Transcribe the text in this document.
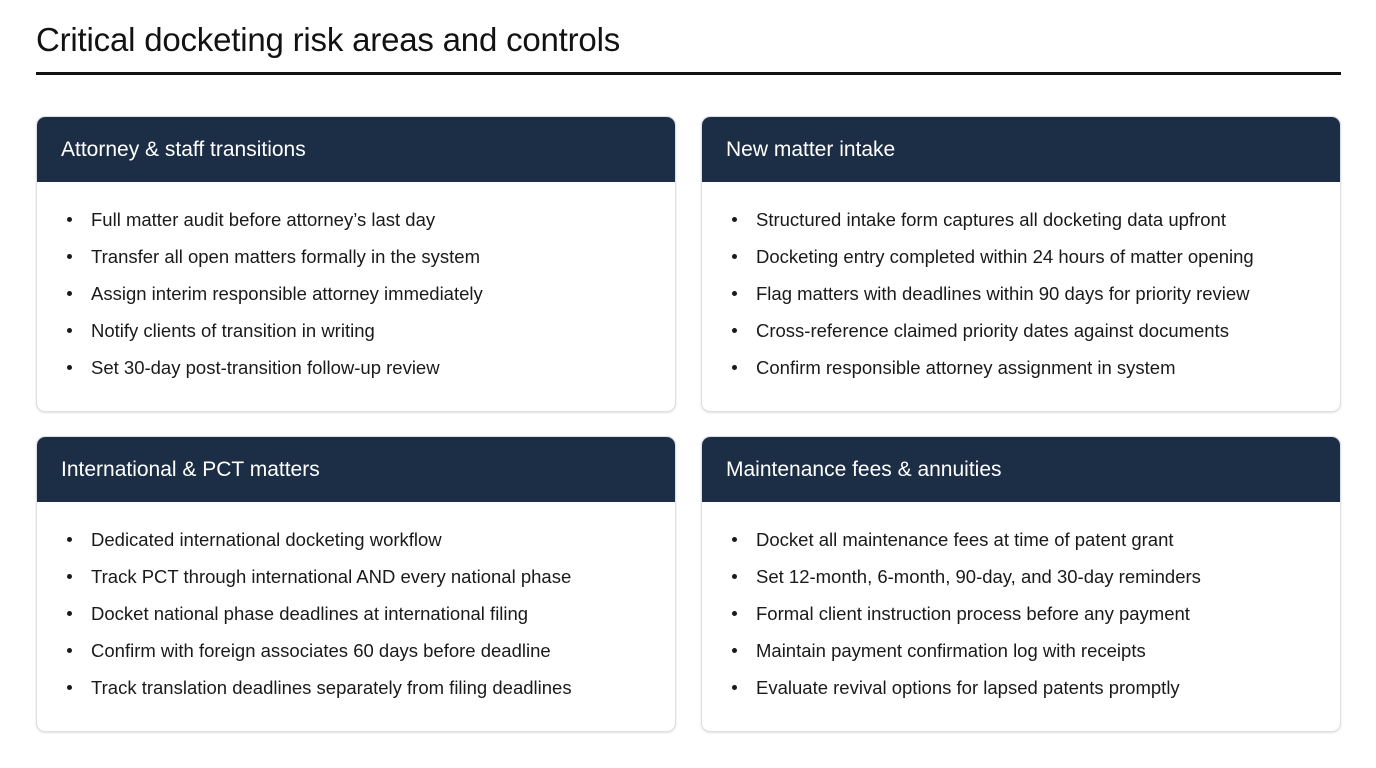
Critical docketing risk areas and controls
Attorney & staff transitions
Full matter audit before attorney’s last day
Transfer all open matters formally in the system
Assign interim responsible attorney immediately
Notify clients of transition in writing
Set 30-day post-transition follow-up review
New matter intake
Structured intake form captures all docketing data upfront
Docketing entry completed within 24 hours of matter opening
Flag matters with deadlines within 90 days for priority review
Cross-reference claimed priority dates against documents
Confirm responsible attorney assignment in system
International & PCT matters
Dedicated international docketing workflow
Track PCT through international AND every national phase
Docket national phase deadlines at international filing
Confirm with foreign associates 60 days before deadline
Track translation deadlines separately from filing deadlines
Maintenance fees & annuities
Docket all maintenance fees at time of patent grant
Set 12-month, 6-month, 90-day, and 30-day reminders
Formal client instruction process before any payment
Maintain payment confirmation log with receipts
Evaluate revival options for lapsed patents promptly
